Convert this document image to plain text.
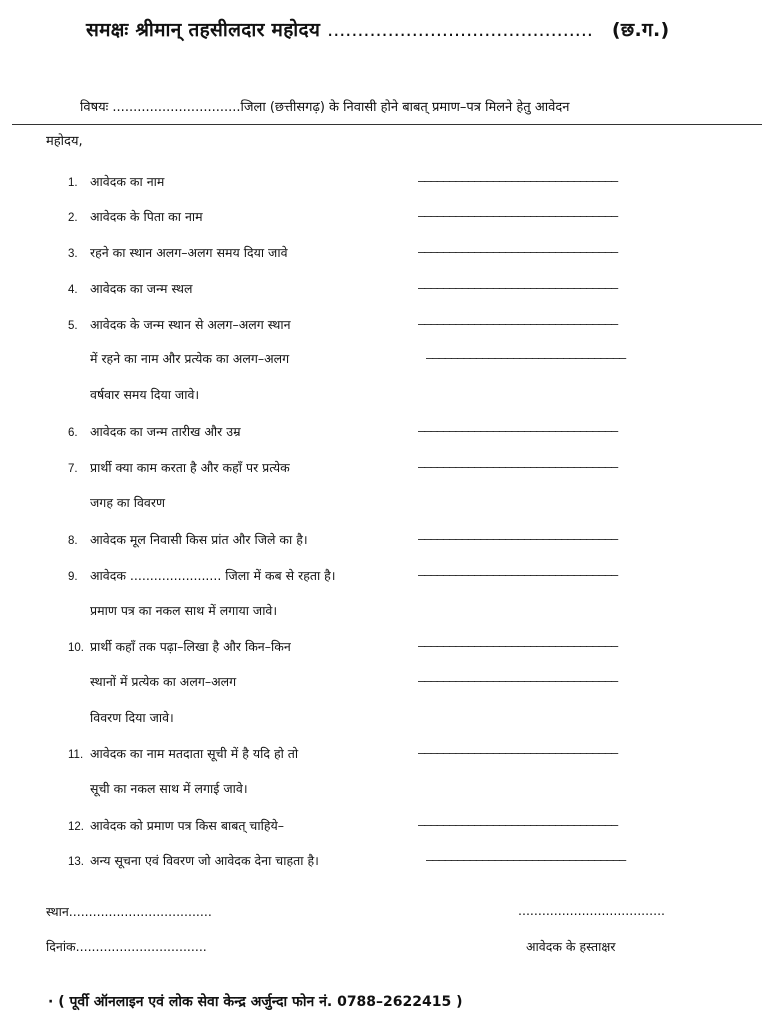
समक्षः श्रीमान् तहसीलदार महोदय ............................................ (छ.ग.)
विषयः ...............................जिला (छत्तीसगढ़) के निवासी होने बाबत् प्रमाण–पत्र मिलने हेतु आवेदन
महोदय,
1. आवेदक का नाम	––––––––––––––––––––––––––––––––
2. आवेदक के पिता का नाम	––––––––––––––––––––––––––––––––
3. रहने का स्थान अलग–अलग समय दिया जावे	––––––––––––––––––––––––––––––––
4. आवेदक का जन्म स्थल	––––––––––––––––––––––––––––––––
5. आवेदक के जन्म स्थान से अलग–अलग स्थान	––––––––––––––––––––––––––––––––
में रहने का नाम और प्रत्येक का अलग–अलग	––––––––––––––––––––––––––––––––
वर्षवार समय दिया जावे।
6. आवेदक का जन्म तारीख और उम्र	––––––––––––––––––––––––––––––––
7. प्रार्थी क्या काम करता है और कहाँ पर प्रत्येक	––––––––––––––––––––––––––––––––
जगह का विवरण
8. आवेदक मूल निवासी किस प्रांत और जिले का है।	––––––––––––––––––––––––––––––––
9. आवेदक ....................... जिला में कब से रहता है।	––––––––––––––––––––––––––––––––
प्रमाण पत्र का नकल साथ में लगाया जावे।
10. प्रार्थी कहाँ तक पढ़ा–लिखा है और किन–किन	––––––––––––––––––––––––––––––––
स्थानों में प्रत्येक का अलग–अलग	––––––––––––––––––––––––––––––––
विवरण दिया जावे।
11. आवेदक का नाम मतदाता सूची में है यदि हो तो	––––––––––––––––––––––––––––––––
सूची का नकल साथ में लगाई जावे।
12. आवेदक को प्रमाण पत्र किस बाबत् चाहिये–	––––––––––––––––––––––––––––––––
13. अन्य सूचना एवं विवरण जो आवेदक देना चाहता है।	––––––––––––––––––––––––––––––––
स्थान....................................	.....................................
दिनांक.................................	आवेदक के हस्ताक्षर
· ( पूर्वी ऑनलाइन एवं लोक सेवा केन्द्र अर्जुन्दा फोन नं. 0788–2622415 )
